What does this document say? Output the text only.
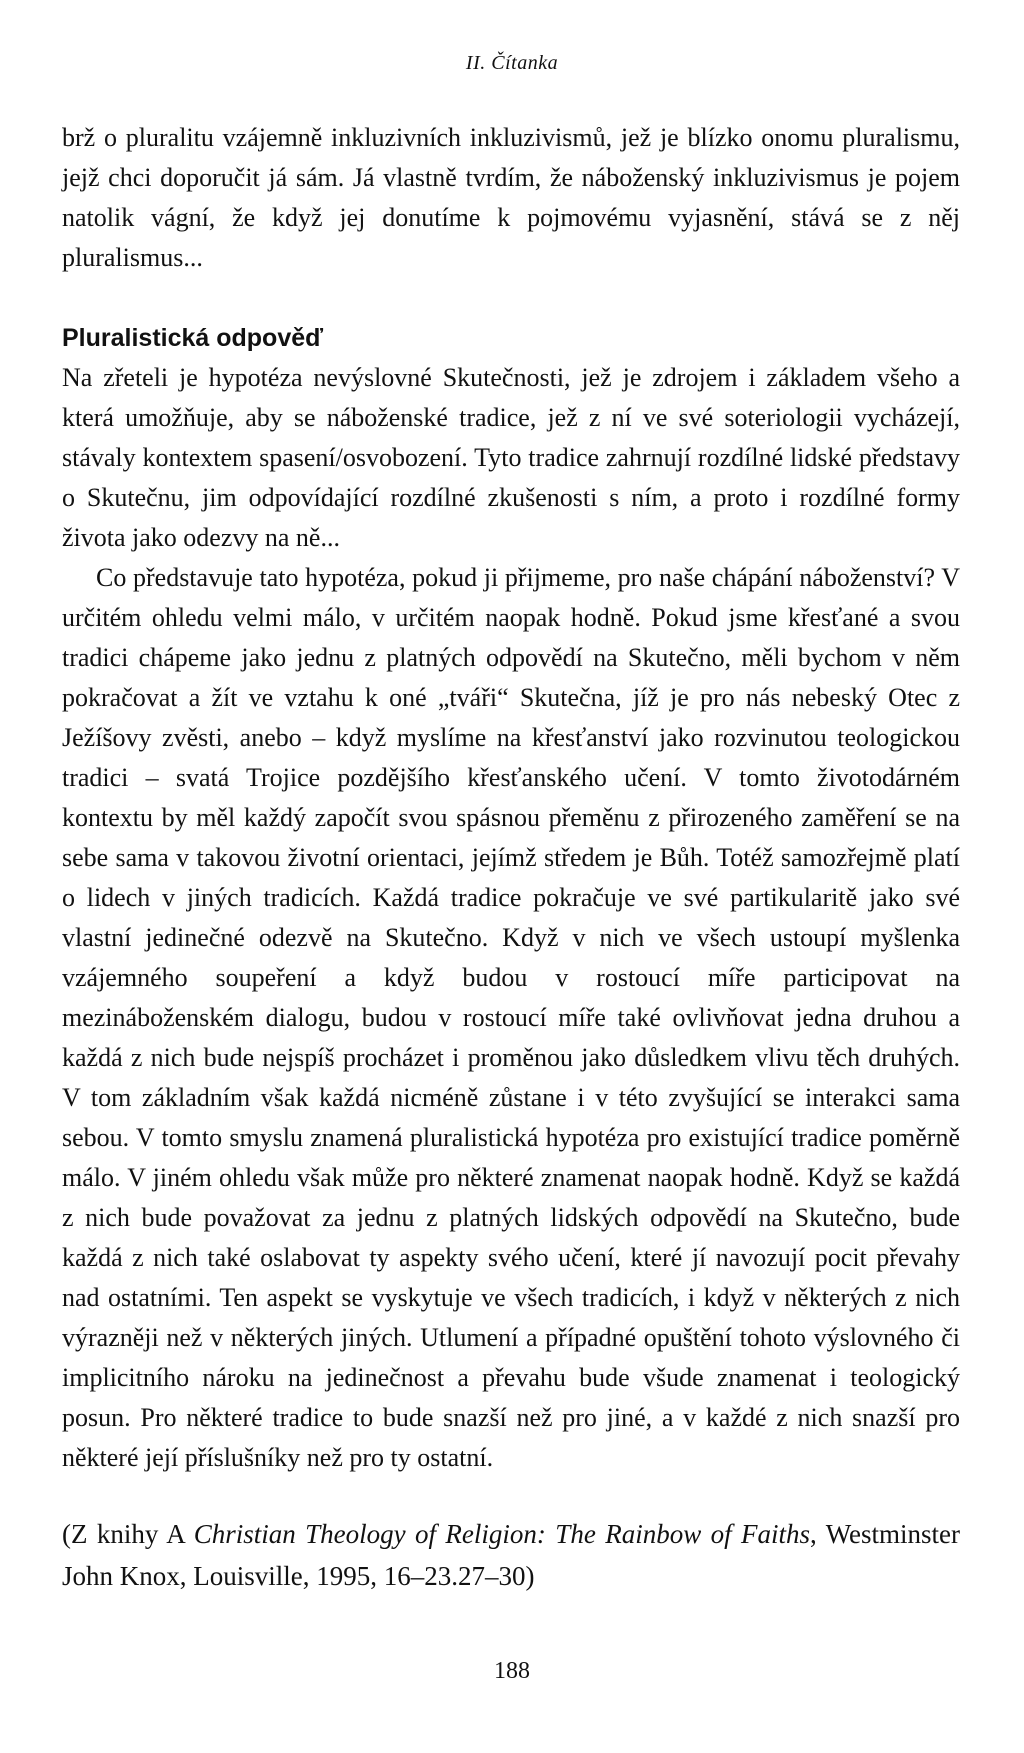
II. Čítanka

brž o pluralitu vzájemně inkluzivních inkluzivismů, jež je blízko onomu pluralismu, jejž chci doporučit já sám. Já vlastně tvrdím, že náboženský inkluzivismus je pojem natolik vágní, že když jej donutíme k pojmovému vyjasnění, stává se z něj pluralismus...

Pluralistická odpověď

Na zřeteli je hypotéza nevýslovné Skutečnosti, jež je zdrojem i základem všeho a která umožňuje, aby se náboženské tradice, jež z ní ve své soteriologii vycházejí, stávaly kontextem spasení/osvobození. Tyto tradice zahrnují rozdílné lidské představy o Skutečnu, jim odpovídající rozdílné zkušenosti s ním, a proto i rozdílné formy života jako odezvy na ně...

Co představuje tato hypotéza, pokud ji přijmeme, pro naše chápání náboženství? V určitém ohledu velmi málo, v určitém naopak hodně. Pokud jsme křesťané a svou tradici chápeme jako jednu z platných odpovědí na Skutečno, měli bychom v něm pokračovat a žít ve vztahu k oné „tváři“ Skutečna, jíž je pro nás nebeský Otec z Ježíšovy zvěsti, anebo – když myslíme na křesťanství jako rozvinutou teologickou tradici – svatá Trojice pozdějšího křesťanského učení. V tomto životodárném kontextu by měl každý započít svou spásnou přeměnu z přirozeného zaměření se na sebe sama v takovou životní orientaci, jejímž středem je Bůh. Totéž samozřejmě platí o lidech v jiných tradicích. Každá tradice pokračuje ve své partikularitě jako své vlastní jedinečné odezvě na Skutečno. Když v nich ve všech ustoupí myšlenka vzájemného soupeření a když budou v rostoucí míře participovat na mezináboženském dialogu, budou v rostoucí míře také ovlivňovat jedna druhou a každá z nich bude nejspíš procházet i proměnou jako důsledkem vlivu těch druhých. V tom základním však každá nicméně zůstane i v této zvyšující se interakci sama sebou. V tomto smyslu znamená pluralistická hypotéza pro existující tradice poměrně málo. V jiném ohledu však může pro některé znamenat naopak hodně. Když se každá z nich bude považovat za jednu z platných lidských odpovědí na Skutečno, bude každá z nich také oslabovat ty aspekty svého učení, které jí navozují pocit převahy nad ostatními. Ten aspekt se vyskytuje ve všech tradicích, i když v některých z nich výrazněji než v některých jiných. Utlumení a případné opuštění tohoto výslovného či implicitního nároku na jedinečnost a převahu bude všude znamenat i teologický posun. Pro některé tradice to bude snazší než pro jiné, a v každé z nich snazší pro některé její příslušníky než pro ty ostatní.

(Z knihy A Christian Theology of Religion: The Rainbow of Faiths, Westminster John Knox, Louisville, 1995, 16–23.27–30)
188
